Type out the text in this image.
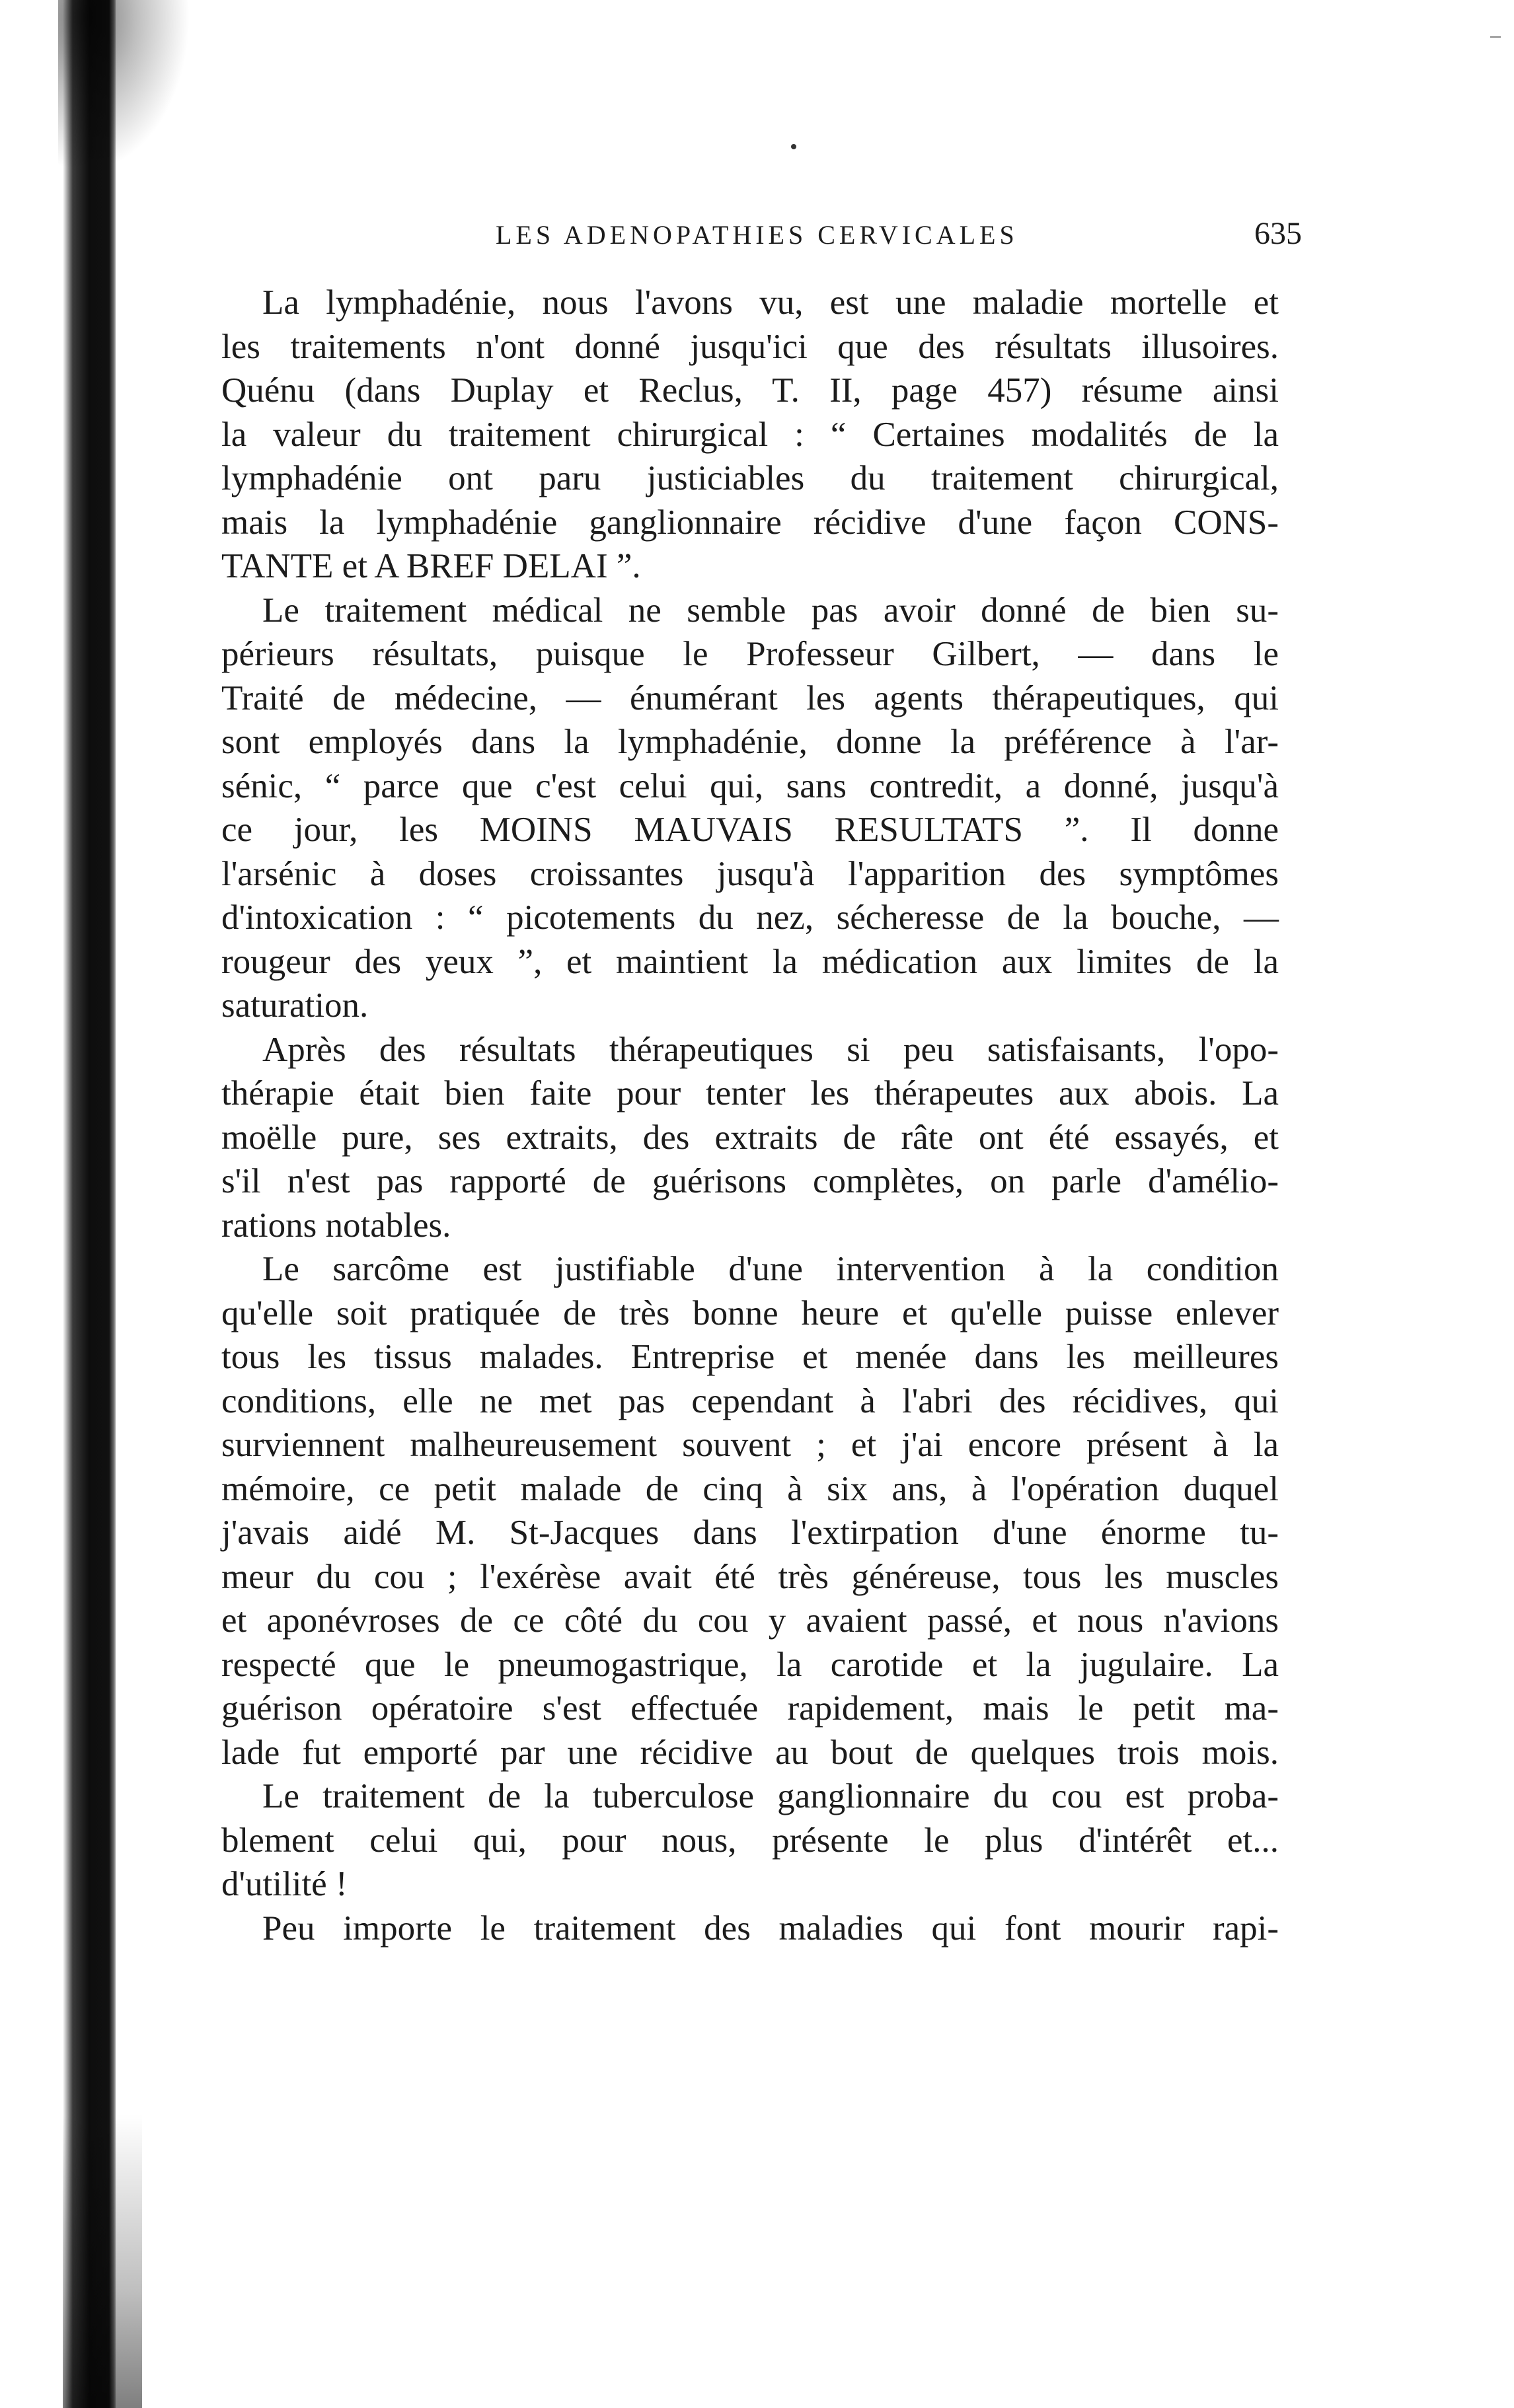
LES ADENOPATHIES CERVICALES	635
La lymphadénie, nous l'avons vu, est une maladie mortelle et
les traitements n'ont donné jusqu'ici que des résultats illusoires.
Quénu (dans Duplay et Reclus, T. II, page 457) résume ainsi
la valeur du traitement chirurgical : “ Certaines modalités de la
lymphadénie ont paru justiciables du traitement chirurgical,
mais la lymphadénie ganglionnaire récidive d'une façon CONS-
TANTE et A BREF DELAI ”.
Le traitement médical ne semble pas avoir donné de bien su-
périeurs résultats, puisque le Professeur Gilbert, — dans le
Traité de médecine, — énumérant les agents thérapeutiques, qui
sont employés dans la lymphadénie, donne la préférence à l'ar-
sénic, “ parce que c'est celui qui, sans contredit, a donné, jusqu'à
ce jour, les MOINS MAUVAIS RESULTATS ”. Il donne
l'arsénic à doses croissantes jusqu'à l'apparition des symptômes
d'intoxication : “ picotements du nez, sécheresse de la bouche, —
rougeur des yeux ”, et maintient la médication aux limites de la
saturation.
Après des résultats thérapeutiques si peu satisfaisants, l'opo-
thérapie était bien faite pour tenter les thérapeutes aux abois. La
moëlle pure, ses extraits, des extraits de râte ont été essayés, et
s'il n'est pas rapporté de guérisons complètes, on parle d'amélio-
rations notables.
Le sarcôme est justifiable d'une intervention à la condition
qu'elle soit pratiquée de très bonne heure et qu'elle puisse enlever
tous les tissus malades. Entreprise et menée dans les meilleures
conditions, elle ne met pas cependant à l'abri des récidives, qui
surviennent malheureusement souvent ; et j'ai encore présent à la
mémoire, ce petit malade de cinq à six ans, à l'opération duquel
j'avais aidé M. St-Jacques dans l'extirpation d'une énorme tu-
meur du cou ; l'exérèse avait été très généreuse, tous les muscles
et aponévroses de ce côté du cou y avaient passé, et nous n'avions
respecté que le pneumogastrique, la carotide et la jugulaire. La
guérison opératoire s'est effectuée rapidement, mais le petit ma-
lade fut emporté par une récidive au bout de quelques trois mois.
Le traitement de la tuberculose ganglionnaire du cou est proba-
blement celui qui, pour nous, présente le plus d'intérêt et...
d'utilité !
Peu importe le traitement des maladies qui font mourir rapi-
